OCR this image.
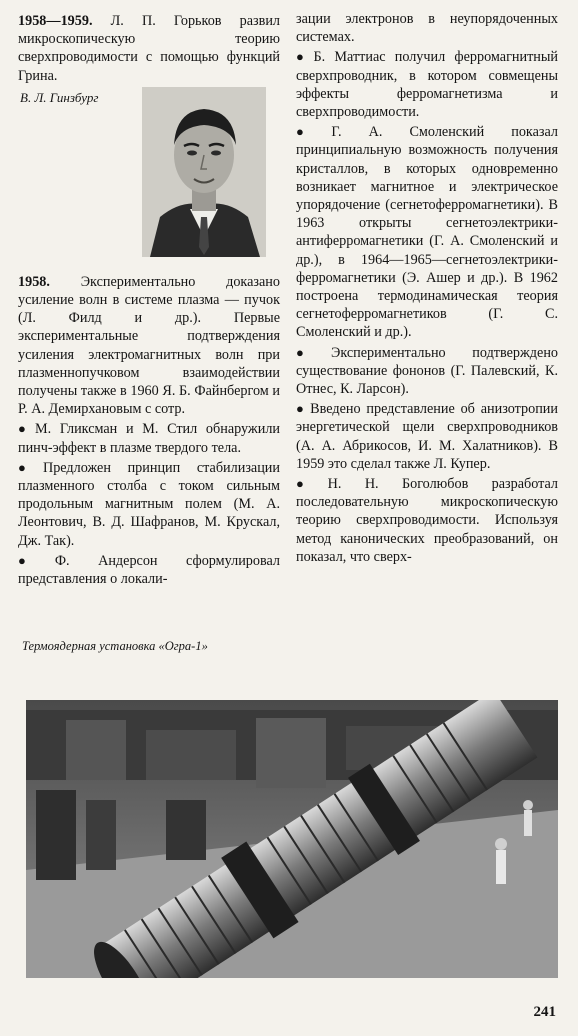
1958—1959. Л. П. Горьков развил микроскопическую теорию сверхпроводимости с помощью функций Грина.

В. Л. Гинзбург

1958. Экспериментально доказано усиление волн в системе плазма — пучок (Л. Филд и др.). Первые экспериментальные подтверждения усиления электромагнитных волн при плазменнопучковом взаимодействии получены также в 1960 Я. Б. Файнбергом и Р. А. Демирхановым с сотр.

● М. Гликсман и М. Стил обнаружили пинч-эффект в плазме твердого тела.

● Предложен принцип стабилизации плазменного столба с током сильным продольным магнитным полем (М. А. Леонтович, В. Д. Шафранов, М. Крускал, Дж. Так).

● Ф. Андерсон сформулировал представления о локали-

зации электронов в неупорядоченных системах.

● Б. Маттиас получил ферромагнитный сверхпроводник, в котором совмещены эффекты ферромагнетизма и сверхпроводимости.

● Г. А. Смоленский показал принципиальную возможность получения кристаллов, в которых одновременно возникает магнитное и электрическое упорядочение (сегнетоферромагнетики). В 1963 открыты сегнетоэлектрики-антиферромагнетики (Г. А. Смоленский и др.), в 1964—1965—сегнетоэлектрики-ферромагнетики (Э. Ашер и др.). В 1962 построена термодинамическая теория сегнетоферромагнетиков (Г. С. Смоленский и др.).

● Экспериментально подтверждено существование фононов (Г. Палевский, К. Отнес, К. Ларсон).

● Введено представление об анизотропии энергетической щели сверхпроводников (А. А. Абрикосов, И. М. Халатников). В 1959 это сделал также Л. Купер.

● Н. Н. Боголюбов разработал последовательную микроскопическую теорию сверхпроводимости. Используя метод канонических преобразований, он показал, что сверх-

Термоядерная установка «Огра-1»
241
